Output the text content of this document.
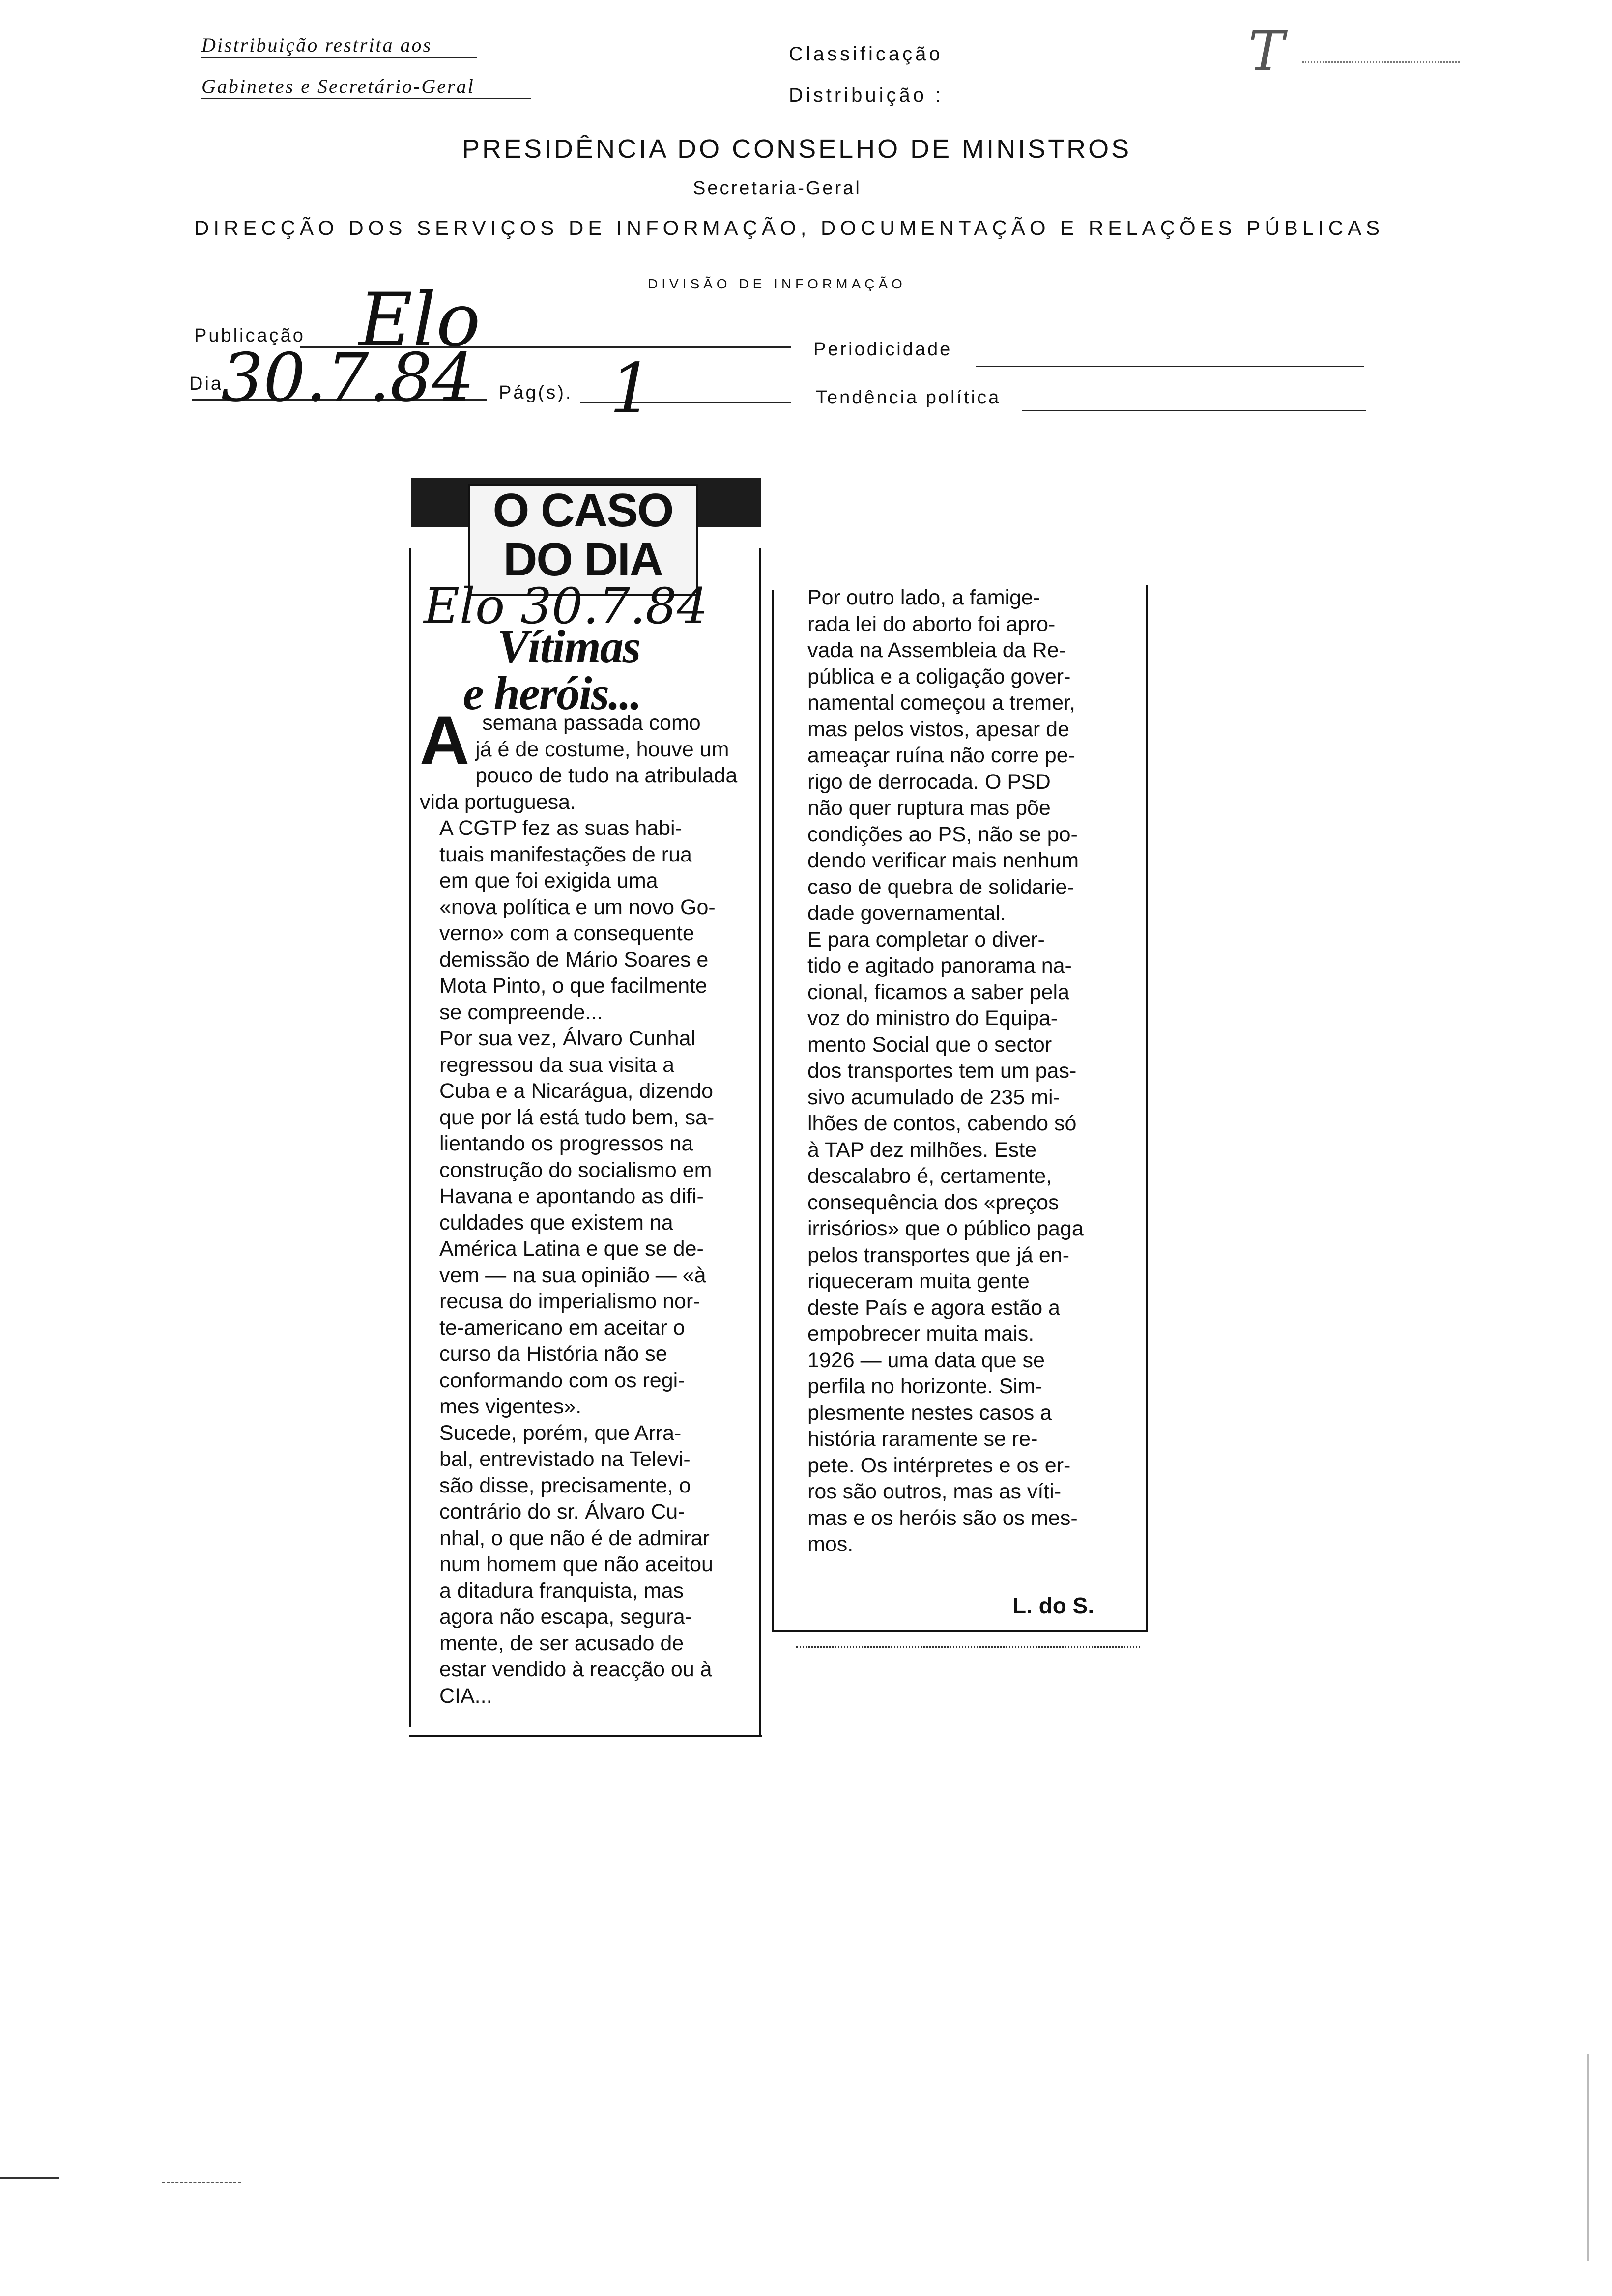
Distribuição restrita aos
Gabinetes e Secretário-Geral
Classificação
Distribuição :
T
PRESIDÊNCIA DO CONSELHO DE MINISTROS
Secretaria-Geral
DIRECÇÃO DOS SERVIÇOS DE INFORMAÇÃO, DOCUMENTAÇÃO E RELAÇÕES PÚBLICAS
DIVISÃO DE INFORMAÇÃO
Publicação Elo	Periodicidade
Dia
30.7.84 Pág(s). 1	Tendência política
O CASO
DO DIA
Elo 30.7.84
Vítimas
e heróis...
A semana passada como
já é de costume, houve um
pouco de tudo na atribulada
vida portuguesa.

A CGTP fez as suas habi-
tuais manifestações de rua
em que foi exigida uma
«nova política e um novo Go-
verno» com a consequente
demissão de Mário Soares e
Mota Pinto, o que facilmente
se compreende...

Por sua vez, Álvaro Cunhal
regressou da sua visita a
Cuba e a Nicarágua, dizendo
que por lá está tudo bem, sa-
lientando os progressos na
construção do socialismo em
Havana e apontando as difi-
culdades que existem na
América Latina e que se de-
vem — na sua opinião — «à
recusa do imperialismo nor-
te-americano em aceitar o
curso da História não se
conformando com os regi-
mes vigentes».

Sucede, porém, que Arra-
bal, entrevistado na Televi-
são disse, precisamente, o
contrário do sr. Álvaro Cu-
nhal, o que não é de admirar
num homem que não aceitou
a ditadura franquista, mas
agora não escapa, segura-
mente, de ser acusado de
estar vendido à reacção ou à
CIA...

Por outro lado, a famige-
rada lei do aborto foi apro-
vada na Assembleia da Re-
pública e a coligação gover-
namental começou a tremer,
mas pelos vistos, apesar de
ameaçar ruína não corre pe-
rigo de derrocada. O PSD
não quer ruptura mas põe
condições ao PS, não se po-
dendo verificar mais nenhum
caso de quebra de solidarie-
dade governamental.

E para completar o diver-
tido e agitado panorama na-
cional, ficamos a saber pela
voz do ministro do Equipa-
mento Social que o sector
dos transportes tem um pas-
sivo acumulado de 235 mi-
lhões de contos, cabendo só
à TAP dez milhões. Este
descalabro é, certamente,
consequência dos «preços
irrisórios» que o público paga
pelos transportes que já en-
riqueceram muita gente
deste País e agora estão a
empobrecer muita mais.

1926 — uma data que se
perfila no horizonte. Sim-
plesmente nestes casos a
história raramente se re-
pete. Os intérpretes e os er-
ros são outros, mas as víti-
mas e os heróis são os mes-
mos.

L. do S.
